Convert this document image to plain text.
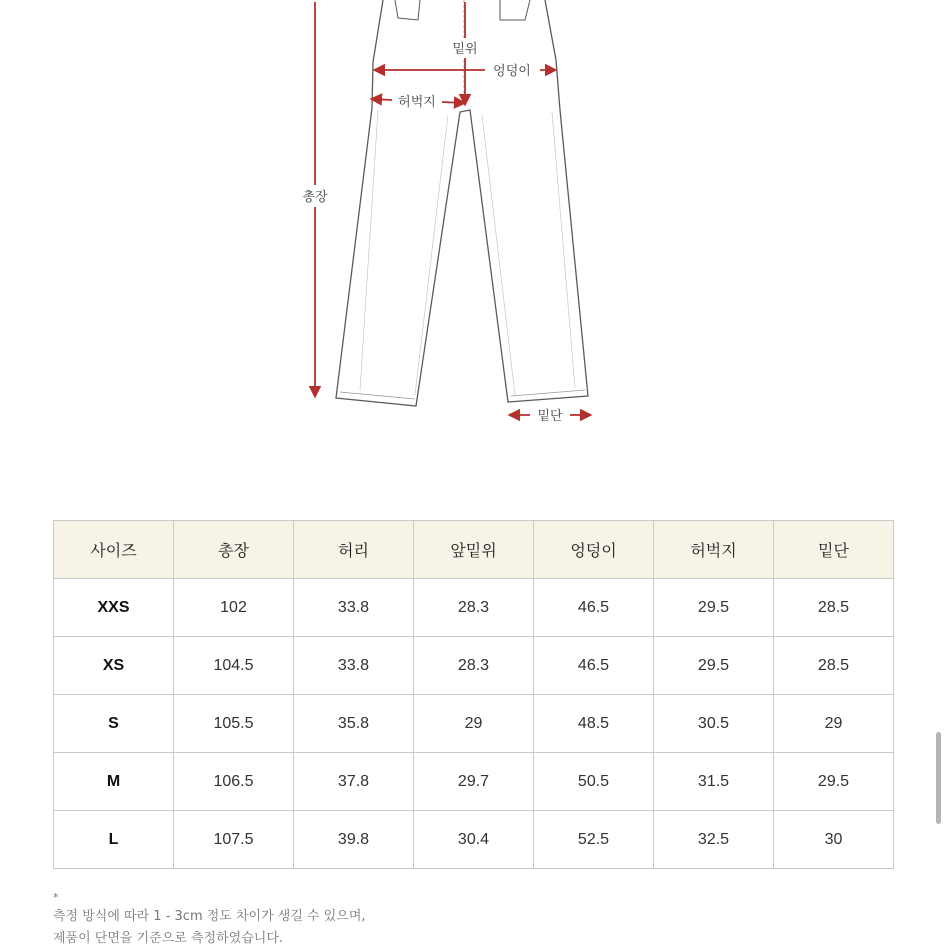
밑위
엉덩이
허벅지
총장
밑단
사이즈	총장	허리	앞밑위	엉덩이	허벅지	밑단
XXS	102	33.8	28.3	46.5	29.5	28.5
XS	104.5	33.8	28.3	46.5	29.5	28.5
S	105.5	35.8	29	48.5	30.5	29
M	106.5	37.8	29.7	50.5	31.5	29.5
L	107.5	39.8	30.4	52.5	32.5	30
*
측정 방식에 따라 1 - 3cm 정도 차이가 생길 수 있으며,
제품이 단면을 기준으로 측정하였습니다.
